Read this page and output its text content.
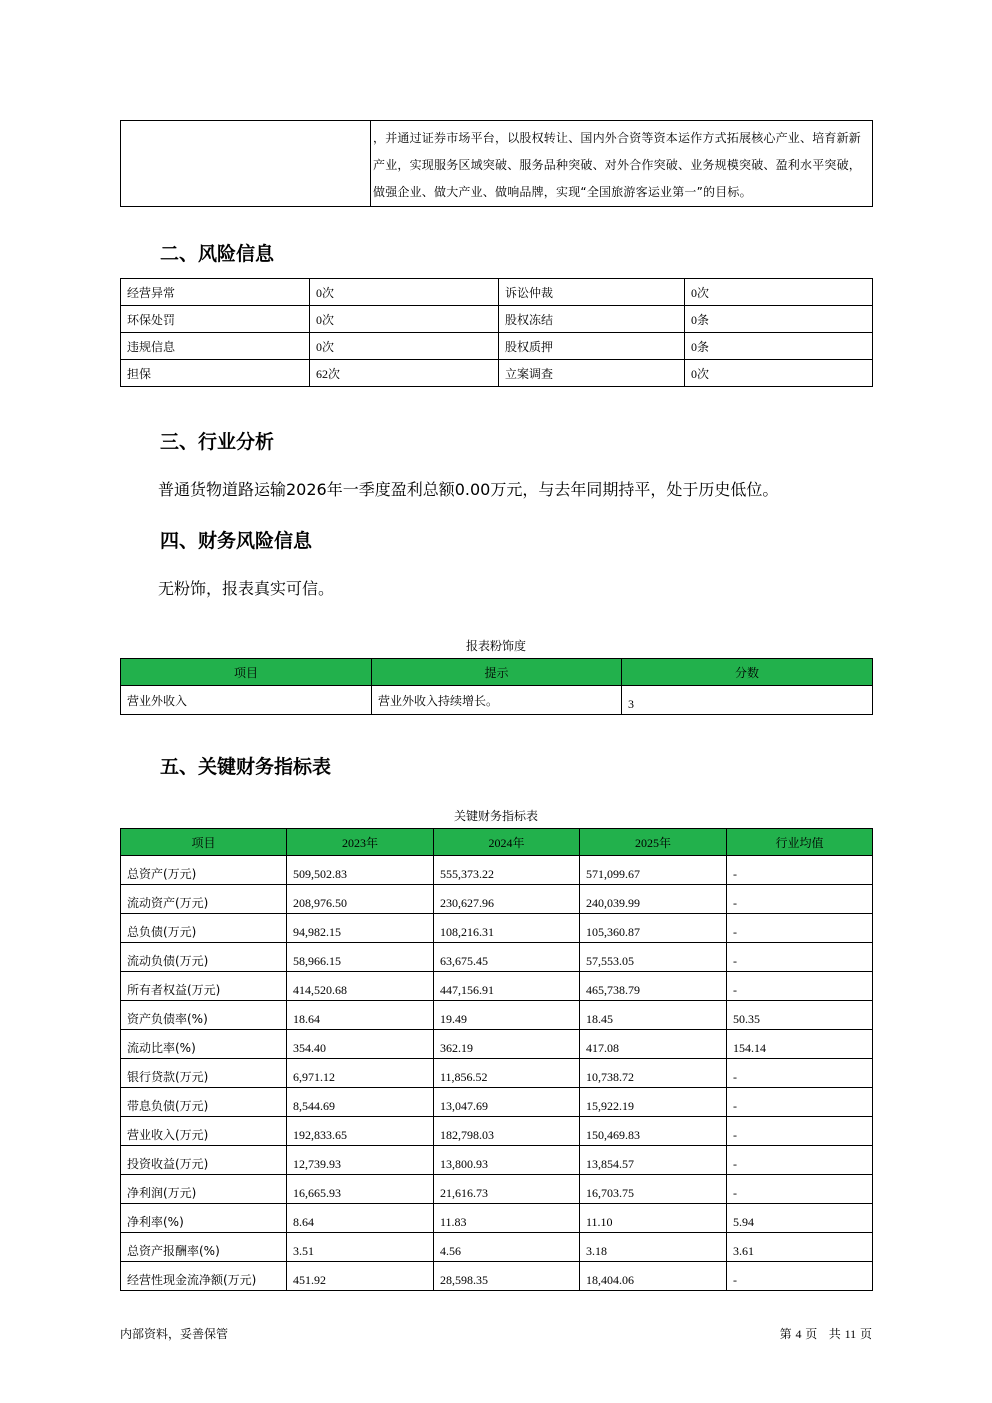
	，并通过证券市场平台，以股权转让、国内外合资等资本运作方式拓展核心产业、培育新新产业，实现服务区域突破、服务品种突破、对外合作突破、业务规模突破、盈利水平突破，做强企业、做大产业、做响品牌，实现“全国旅游客运业第一”的目标。
二、风险信息
经营异常	0次	诉讼仲裁	0次
环保处罚	0次	股权冻结	0条
违规信息	0次	股权质押	0条
担保	62次	立案调查	0次
三、行业分析
普通货物道路运输2026年一季度盈利总额0.00万元，与去年同期持平，处于历史低位。
四、财务风险信息
无粉饰，报表真实可信。
报表粉饰度
项目	提示	分数
营业外收入	营业外收入持续增长。	3
五、关键财务指标表
关键财务指标表
项目	2023年	2024年	2025年	行业均值
总资产(万元)	509,502.83	555,373.22	571,099.67	-
流动资产(万元)	208,976.50	230,627.96	240,039.99	-
总负债(万元)	94,982.15	108,216.31	105,360.87	-
流动负债(万元)	58,966.15	63,675.45	57,553.05	-
所有者权益(万元)	414,520.68	447,156.91	465,738.79	-
资产负债率(%)	18.64	19.49	18.45	50.35
流动比率(%)	354.40	362.19	417.08	154.14
银行贷款(万元)	6,971.12	11,856.52	10,738.72	-
带息负债(万元)	8,544.69	13,047.69	15,922.19	-
营业收入(万元)	192,833.65	182,798.03	150,469.83	-
投资收益(万元)	12,739.93	13,800.93	13,854.57	-
净利润(万元)	16,665.93	21,616.73	16,703.75	-
净利率(%)	8.64	11.83	11.10	5.94
总资产报酬率(%)	3.51	4.56	3.18	3.61
经营性现金流净额(万元)	451.92	28,598.35	18,404.06	-
内部资料，妥善保管	第 4 页 共 11 页
